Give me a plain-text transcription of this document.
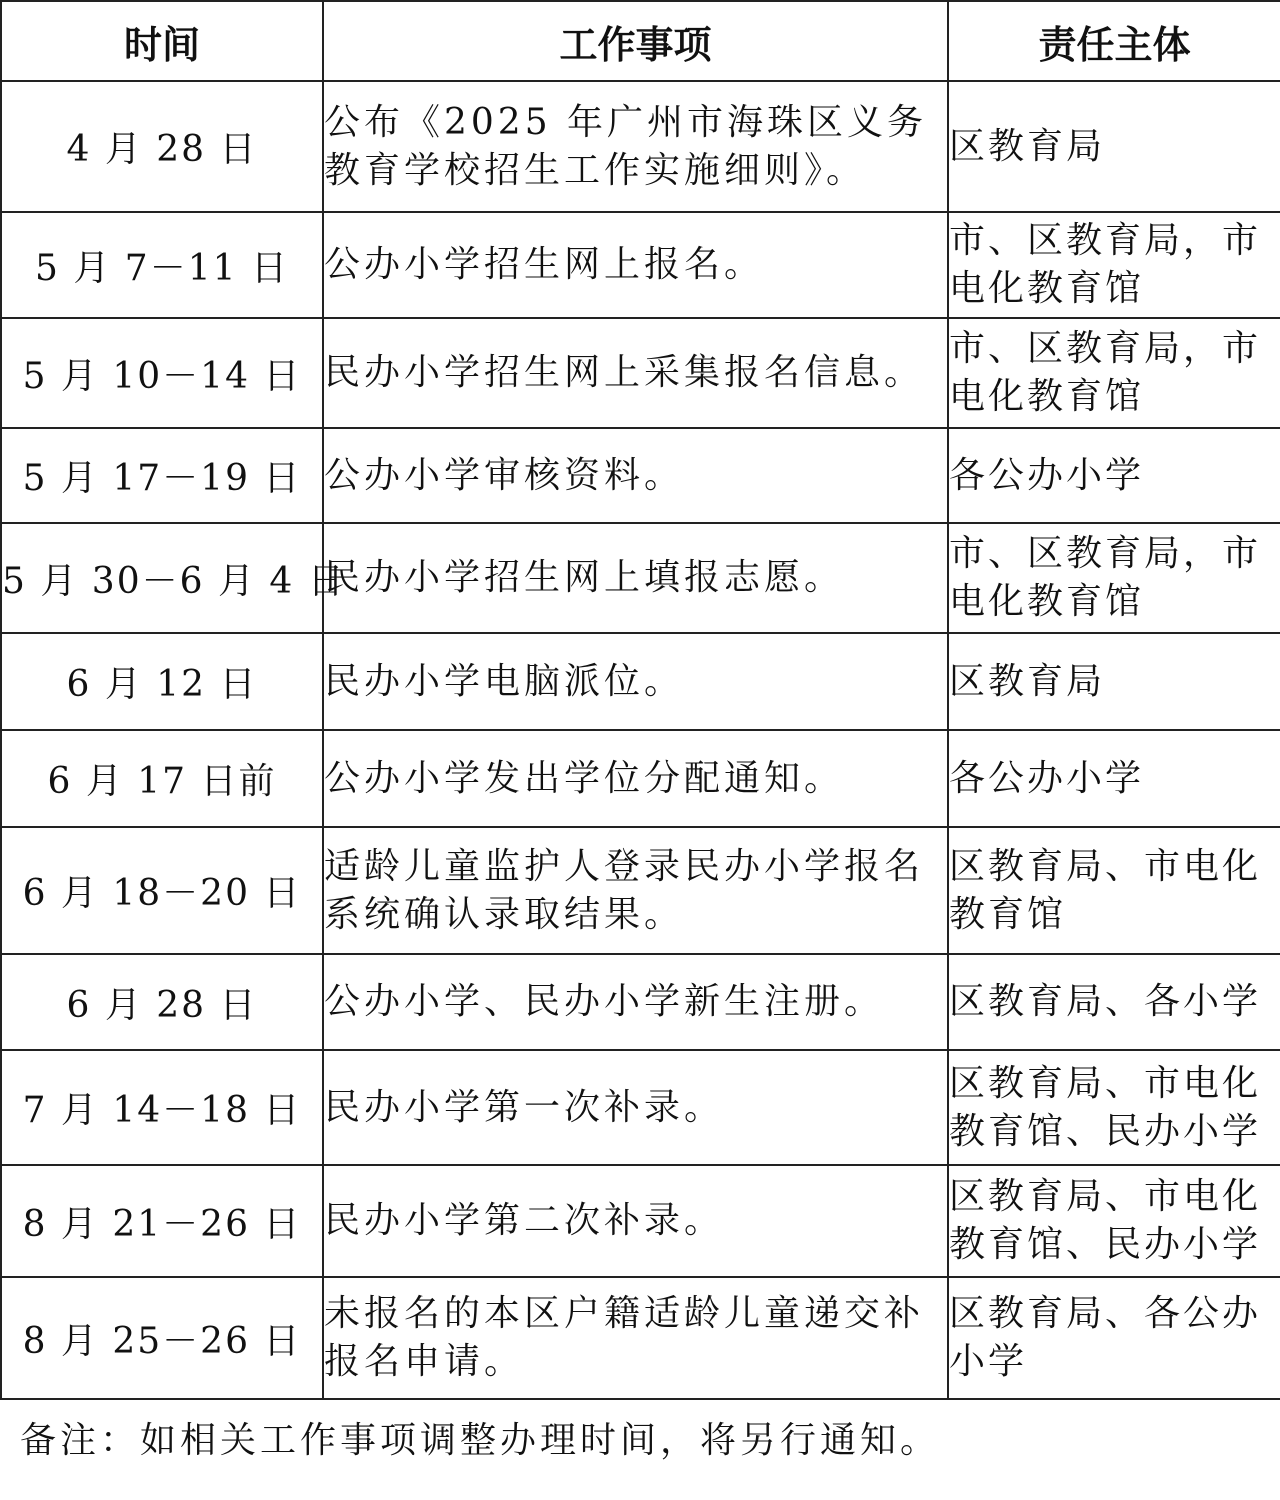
时间	工作事项	责任主体
4 月 28 日	公布《2025 年广州市海珠区义务教育学校招生工作实施细则》。	区教育局
5 月 7－11 日	公办小学招生网上报名。	市、区教育局，市电化教育馆
5 月 10－14 日	民办小学招生网上采集报名信息。	市、区教育局，市电化教育馆
5 月 17－19 日	公办小学审核资料。	各公办小学
5 月 30－6 月 4 日	民办小学招生网上填报志愿。	市、区教育局，市电化教育馆
6 月 12 日	民办小学电脑派位。	区教育局
6 月 17 日前	公办小学发出学位分配通知。	各公办小学
6 月 18－20 日	适龄儿童监护人登录民办小学报名系统确认录取结果。	区教育局、市电化教育馆
6 月 28 日	公办小学、民办小学新生注册。	区教育局、各小学
7 月 14－18 日	民办小学第一次补录。	区教育局、市电化教育馆、民办小学
8 月 21－26 日	民办小学第二次补录。	区教育局、市电化教育馆、民办小学
8 月 25－26 日	未报名的本区户籍适龄儿童递交补报名申请。	区教育局、各公办小学
备注：如相关工作事项调整办理时间，将另行通知。
